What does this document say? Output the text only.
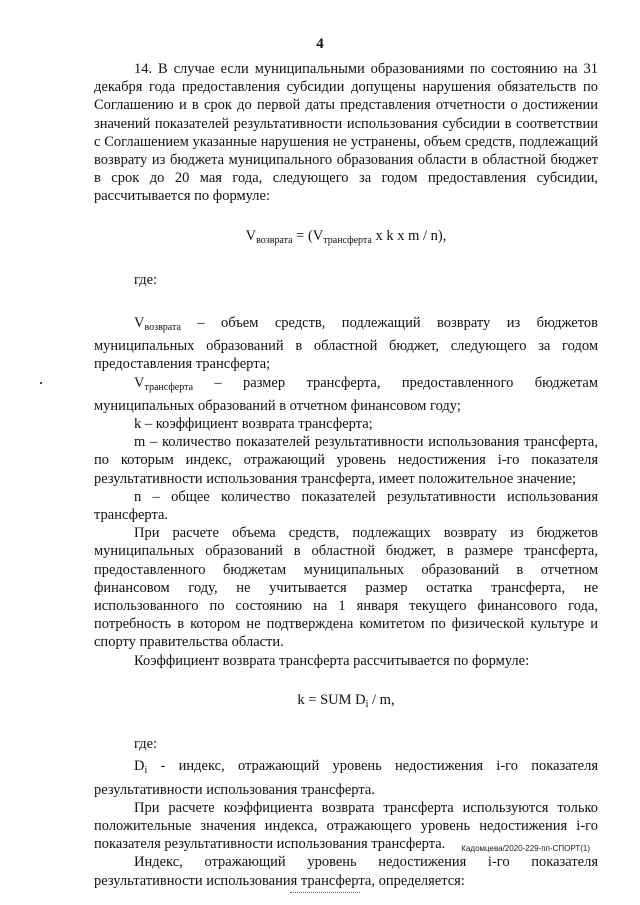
4

14. В случае если муниципальными образованиями по состоянию на 31 декабря года предоставления субсидии допущены нарушения обязательств по Соглашению и в срок до первой даты представления отчетности о достижении значений показателей результативности использования субсидии в соответствии с Соглашением указанные нарушения не устранены, объем средств, подлежащий возврату из бюджета муниципального образования области в областной бюджет в срок до 20 мая года, следующего за годом предоставления субсидии, рассчитывается по формуле:

$V_{возврата} = (V_{трансферта}$ x k x m / n),
где:

$V_{возврата}$ – объем средств, подлежащий возврату из бюджетов муниципальных образований в областной бюджет, следующего за годом предоставления трансферта;

$V_{трансферта}$ – размер трансферта, предоставленного бюджетам муниципальных образований в отчетном финансовом году;

k – коэффициент возврата трансферта;

m – количество показателей результативности использования трансферта, по которым индекс, отражающий уровень недостижения i-го показателя результативности использования трансферта, имеет положительное значение;

n – общее количество показателей результативности использования трансферта.

При расчете объема средств, подлежащих возврату из бюджетов муниципальных образований в областной бюджет, в размере трансферта, предоставленного бюджетам муниципальных образований в отчетном финансовом году, не учитывается размер остатка трансферта, не использованного по состоянию на 1 января текущего финансового года, потребность в котором не подтверждена комитетом по физической культуре и спорту правительства области.

Коэффициент возврата трансферта рассчитывается по формуле:

k = SUM $D_i$ / m,
где:

$D_i$ - индекс, отражающий уровень недостижения i-го показателя результативности использования трансферта.

При расчете коэффициента возврата трансферта используются только положительные значения индекса, отражающего уровень недостижения i-го показателя результативности использования трансферта.

Индекс, отражающий уровень недостижения i-го показателя результативности использования трансферта, определяется:

Кадомцева/2020-229-пп-СПОРТ(1)
